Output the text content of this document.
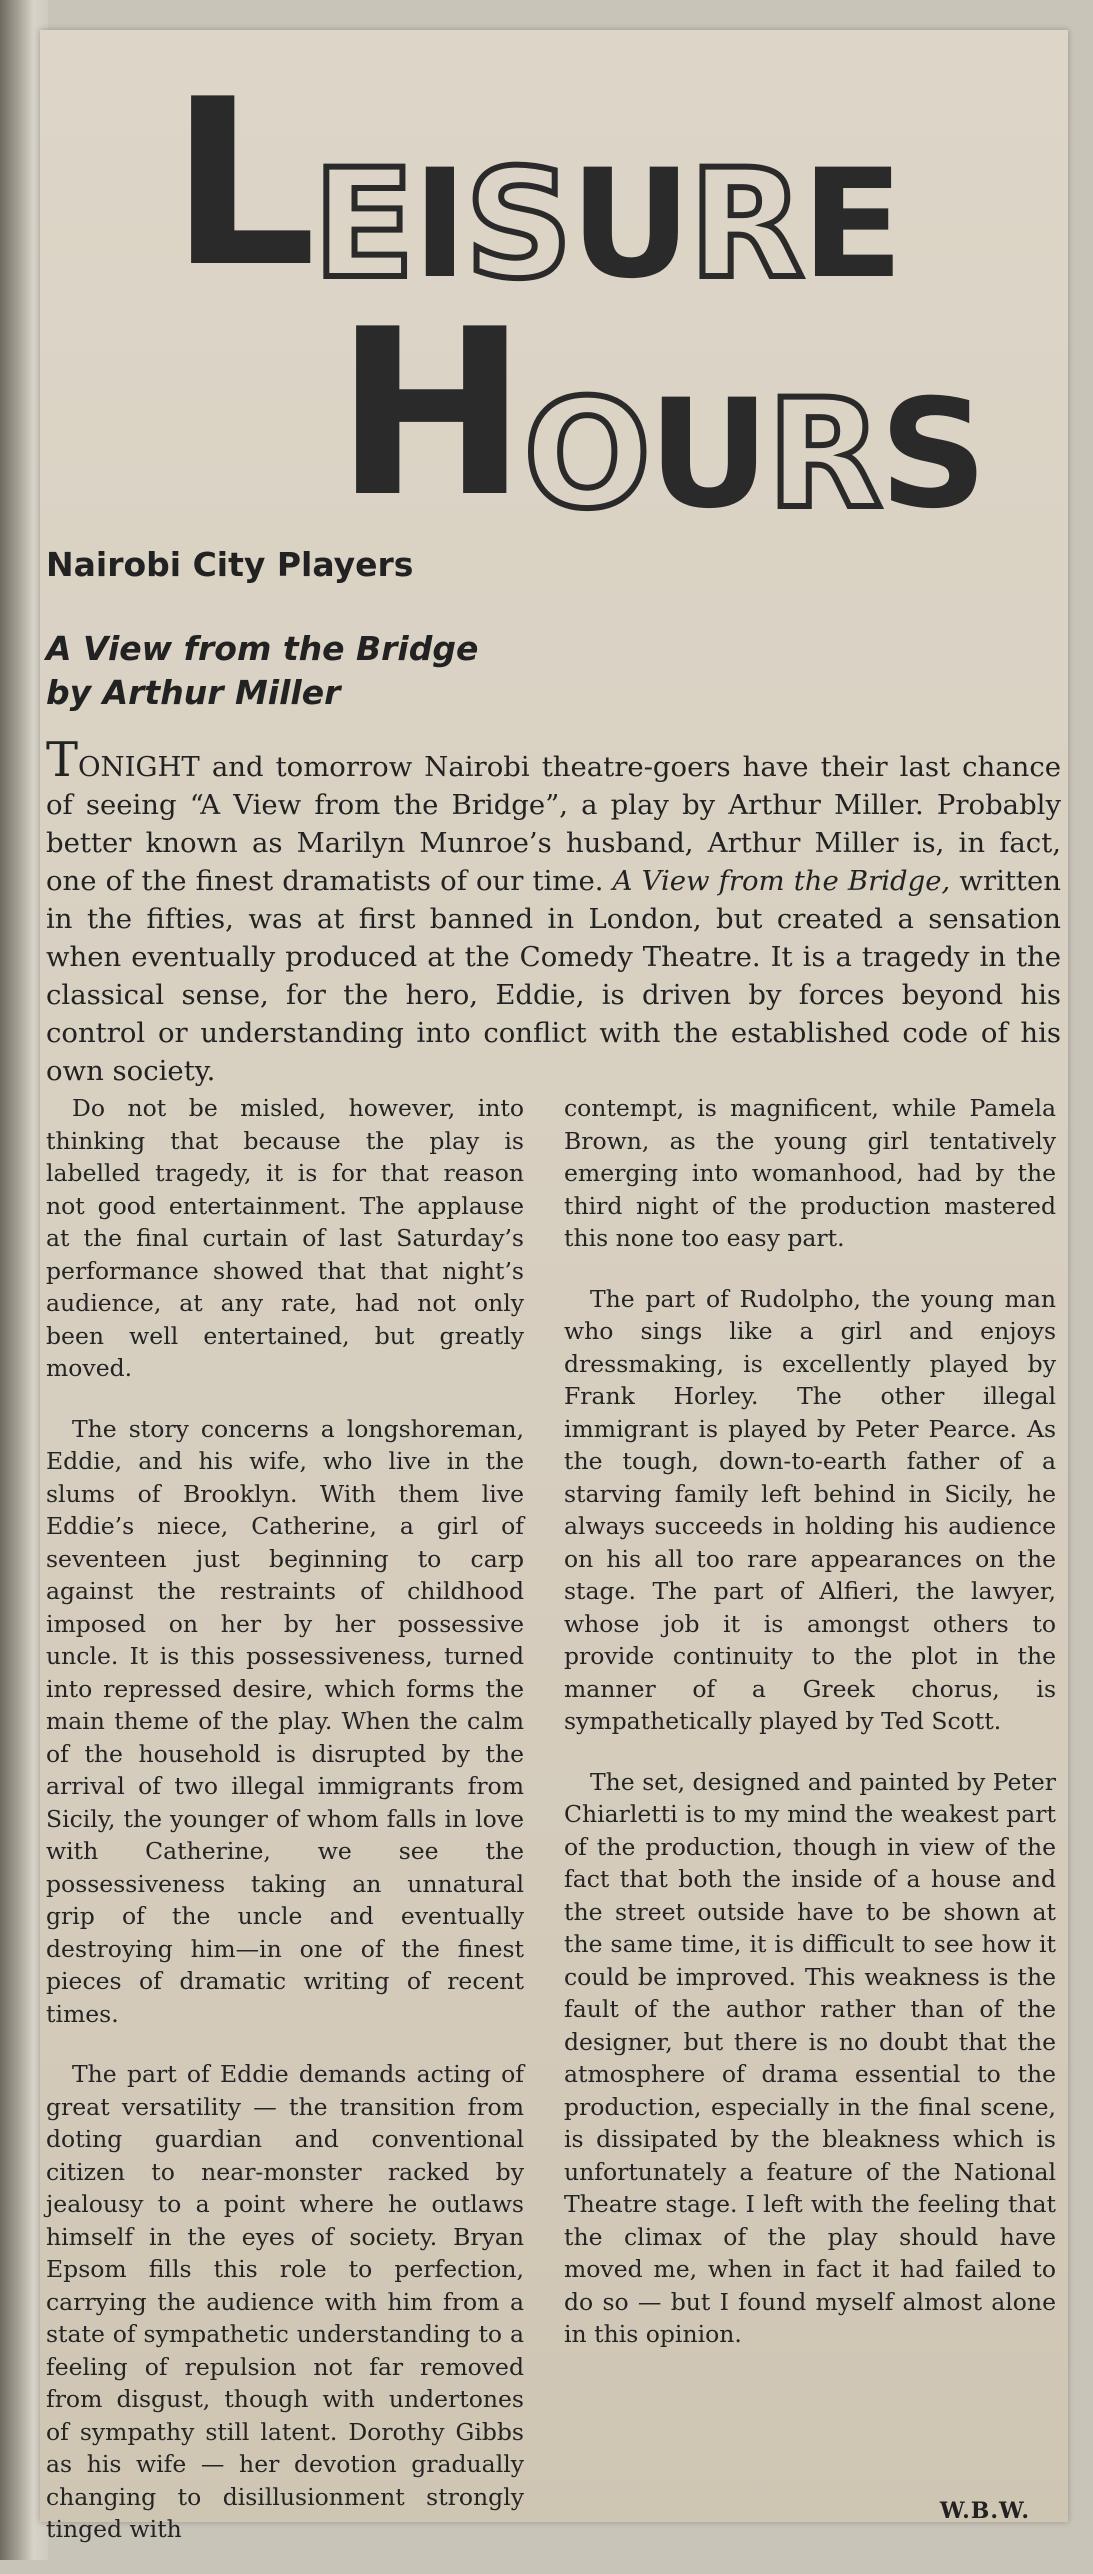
L E I S U R E
H O U R S
Nairobi City Players
A View from the Bridge
by Arthur Miller

TONIGHT and tomorrow Nairobi theatre-goers have their last chance of seeing “A View from the Bridge”, a play by Arthur Miller. Probably better known as Marilyn Munroe’s husband, Arthur Miller is, in fact, one of the finest dramatists of our time. A View from the Bridge, written in the fifties, was at first banned in London, but created a sensation when eventually produced at the Comedy Theatre. It is a tragedy in the classical sense, for the hero, Eddie, is driven by forces beyond his control or understanding into conflict with the established code of his own society.

Do not be misled, however, into thinking that because the play is labelled tragedy, it is for that reason not good entertainment. The applause at the final curtain of last Saturday’s performance showed that that night’s audience, at any rate, had not only been well entertained, but greatly moved.

The story concerns a longshoreman, Eddie, and his wife, who live in the slums of Brooklyn. With them live Eddie’s niece, Catherine, a girl of seventeen just beginning to carp against the restraints of childhood imposed on her by her possessive uncle. It is this possessiveness, turned into repressed desire, which forms the main theme of the play. When the calm of the household is disrupted by the arrival of two illegal immigrants from Sicily, the younger of whom falls in love with Catherine, we see the possessiveness taking an unnatural grip of the uncle and eventually destroying him—in one of the finest pieces of dramatic writing of recent times.

The part of Eddie demands acting of great versatility — the transition from doting guardian and conventional citizen to near-monster racked by jealousy to a point where he outlaws himself in the eyes of society. Bryan Epsom fills this role to perfection, carrying the audience with him from a state of sympathetic understanding to a feeling of repulsion not far removed from disgust, though with undertones of sympathy still latent. Dorothy Gibbs as his wife — her devotion gradually changing to disillusionment strongly tinged with

contempt, is magnificent, while Pamela Brown, as the young girl tentatively emerging into womanhood, had by the third night of the production mastered this none too easy part.

The part of Rudolpho, the young man who sings like a girl and enjoys dressmaking, is excellently played by Frank Horley. The other illegal immigrant is played by Peter Pearce. As the tough, down-to-earth father of a starving family left behind in Sicily, he always succeeds in holding his audience on his all too rare appearances on the stage. The part of Alfieri, the lawyer, whose job it is amongst others to provide continuity to the plot in the manner of a Greek chorus, is sympathetically played by Ted Scott.

The set, designed and painted by Peter Chiarletti is to my mind the weakest part of the production, though in view of the fact that both the inside of a house and the street outside have to be shown at the same time, it is difficult to see how it could be improved. This weakness is the fault of the author rather than of the designer, but there is no doubt that the atmosphere of drama essential to the production, especially in the final scene, is dissipated by the bleakness which is unfortunately a feature of the National Theatre stage. I left with the feeling that the climax of the play should have moved me, when in fact it had failed to do so — but I found myself almost alone in this opinion.

W.B.W.
